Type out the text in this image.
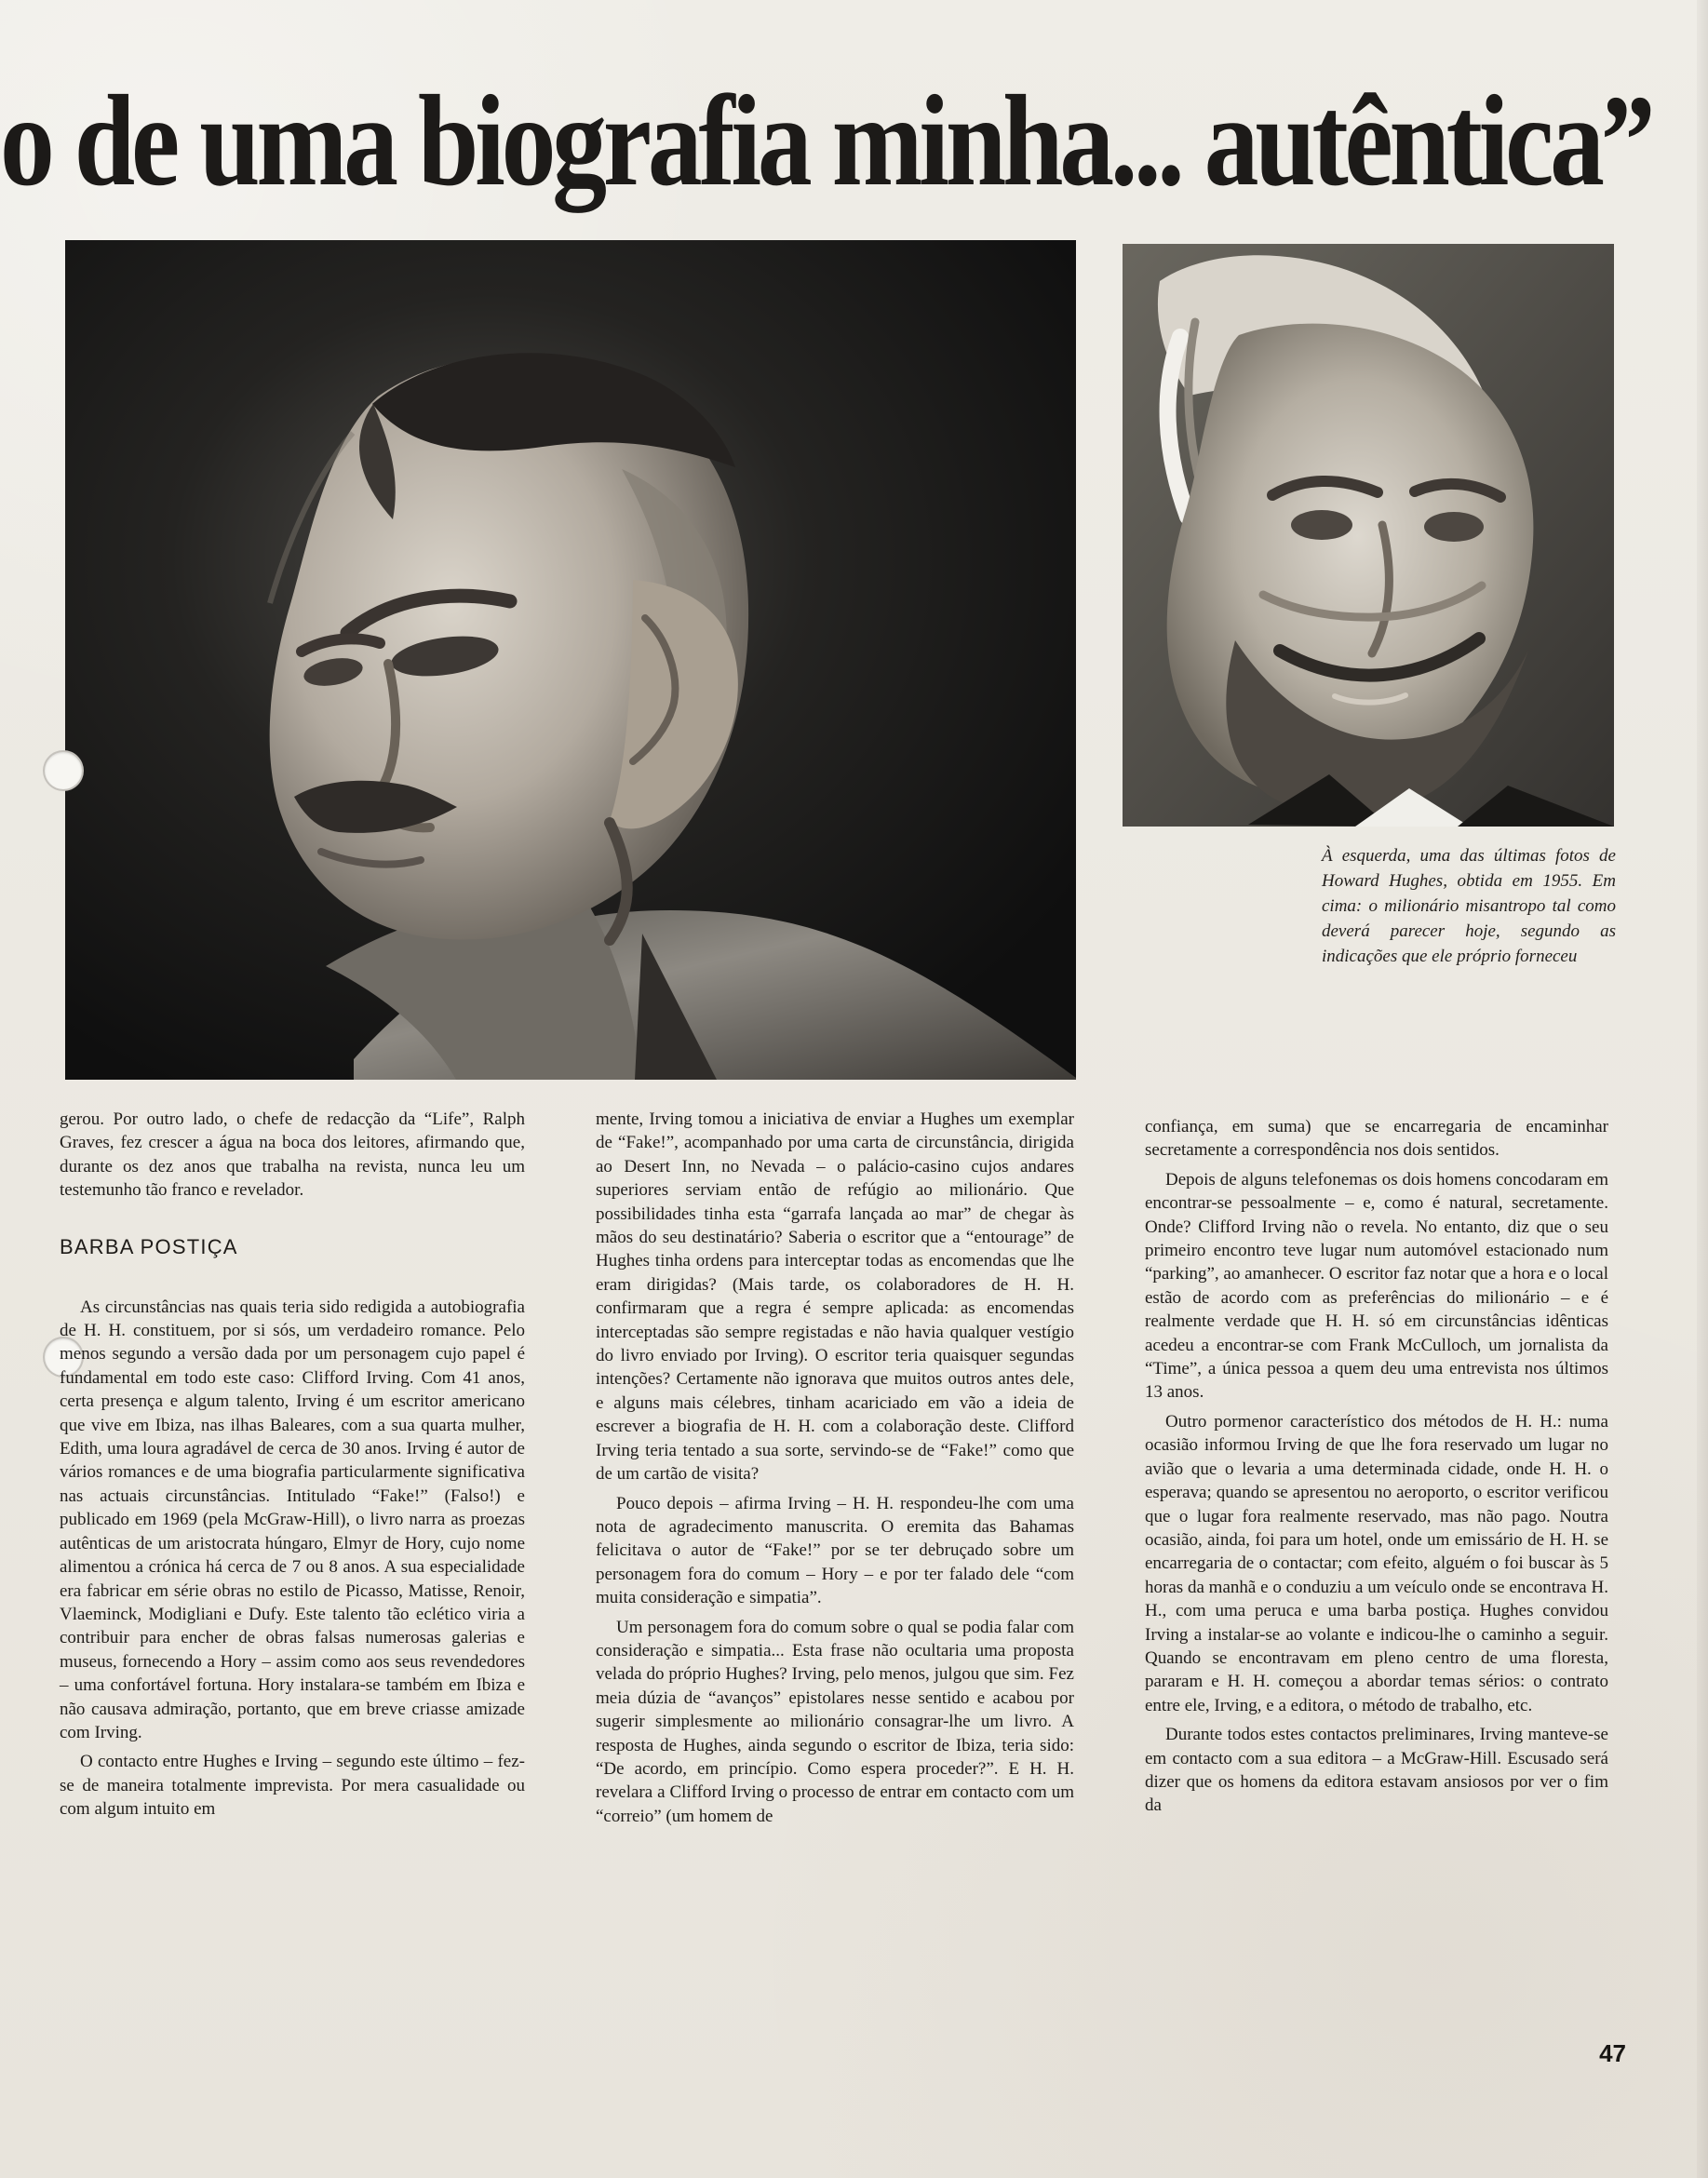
o de uma biografia minha... autêntica”

À esquerda, uma das últimas fotos de Howard Hughes, obtida em 1955. Em cima: o milionário misantropo tal como deverá parecer hoje, segundo as indicações que ele próprio forneceu

gerou. Por outro lado, o chefe de redacção da “Life”, Ralph Graves, fez crescer a água na boca dos leitores, afirmando que, durante os dez anos que trabalha na revista, nunca leu um testemunho tão franco e revelador.

BARBA POSTIÇA

As circunstâncias nas quais teria sido redigida a autobiografia de H. H. constituem, por si sós, um verdadeiro romance. Pelo menos segundo a versão dada por um personagem cujo papel é fundamental em todo este caso: Clifford Irving. Com 41 anos, certa presença e algum talento, Irving é um escritor americano que vive em Ibiza, nas ilhas Baleares, com a sua quarta mulher, Edith, uma loura agradável de cerca de 30 anos. Irving é autor de vários romances e de uma biografia particularmente significativa nas actuais circunstâncias. Intitulado “Fake!” (Falso!) e publicado em 1969 (pela McGraw-Hill), o livro narra as proezas autênticas de um aristocrata húngaro, Elmyr de Hory, cujo nome alimentou a crónica há cerca de 7 ou 8 anos. A sua especialidade era fabricar em série obras no estilo de Picasso, Matisse, Renoir, Vlaeminck, Modigliani e Dufy. Este talento tão eclético viria a contribuir para encher de obras falsas numerosas galerias e museus, fornecendo a Hory – assim como aos seus revendedores – uma confortável fortuna. Hory instalara-se também em Ibiza e não causava admiração, portanto, que em breve criasse amizade com Irving.

O contacto entre Hughes e Irving – segundo este último – fez-se de maneira totalmente imprevista. Por mera casualidade ou com algum intuito em

mente, Irving tomou a iniciativa de enviar a Hughes um exemplar de “Fake!”, acompanhado por uma carta de circunstância, dirigida ao Desert Inn, no Nevada – o palácio-casino cujos andares superiores serviam então de refúgio ao milionário. Que possibilidades tinha esta “garrafa lançada ao mar” de chegar às mãos do seu destinatário? Saberia o escritor que a “entourage” de Hughes tinha ordens para interceptar todas as encomendas que lhe eram dirigidas? (Mais tarde, os colaboradores de H. H. confirmaram que a regra é sempre aplicada: as encomendas interceptadas são sempre registadas e não havia qualquer vestígio do livro enviado por Irving). O escritor teria quaisquer segundas intenções? Certamente não ignorava que muitos outros antes dele, e alguns mais célebres, tinham acariciado em vão a ideia de escrever a biografia de H. H. com a colaboração deste. Clifford Irving teria tentado a sua sorte, servindo-se de “Fake!” como que de um cartão de visita?

Pouco depois – afirma Irving – H. H. respondeu-lhe com uma nota de agradecimento manuscrita. O eremita das Bahamas felicitava o autor de “Fake!” por se ter debruçado sobre um personagem fora do comum – Hory – e por ter falado dele “com muita consideração e simpatia”.

Um personagem fora do comum sobre o qual se podia falar com consideração e simpatia... Esta frase não ocultaria uma proposta velada do próprio Hughes? Irving, pelo menos, julgou que sim. Fez meia dúzia de “avanços” epistolares nesse sentido e acabou por sugerir simplesmente ao milionário consagrar-lhe um livro. A resposta de Hughes, ainda segundo o escritor de Ibiza, teria sido: “De acordo, em princípio. Como espera proceder?”. E H. H. revelara a Clifford Irving o processo de entrar em contacto com um “correio” (um homem de

confiança, em suma) que se encarregaria de encaminhar secretamente a correspondência nos dois sentidos.

Depois de alguns telefonemas os dois homens concodaram em encontrar-se pessoalmente – e, como é natural, secretamente. Onde? Clifford Irving não o revela. No entanto, diz que o seu primeiro encontro teve lugar num automóvel estacionado num “parking”, ao amanhecer. O escritor faz notar que a hora e o local estão de acordo com as preferências do milionário – e é realmente verdade que H. H. só em circunstâncias idênticas acedeu a encontrar-se com Frank McCulloch, um jornalista da “Time”, a única pessoa a quem deu uma entrevista nos últimos 13 anos.

Outro pormenor característico dos métodos de H. H.: numa ocasião informou Irving de que lhe fora reservado um lugar no avião que o levaria a uma determinada cidade, onde H. H. o esperava; quando se apresentou no aeroporto, o escritor verificou que o lugar fora realmente reservado, mas não pago. Noutra ocasião, ainda, foi para um hotel, onde um emissário de H. H. se encarregaria de o contactar; com efeito, alguém o foi buscar às 5 horas da manhã e o conduziu a um veículo onde se encontrava H. H., com uma peruca e uma barba postiça. Hughes convidou Irving a instalar-se ao volante e indicou-lhe o caminho a seguir. Quando se encontravam em pleno centro de uma floresta, pararam e H. H. começou a abordar temas sérios: o contrato entre ele, Irving, e a editora, o método de trabalho, etc.

Durante todos estes contactos preliminares, Irving manteve-se em contacto com a sua editora – a McGraw-Hill. Escusado será dizer que os homens da editora estavam ansiosos por ver o fim da

47
